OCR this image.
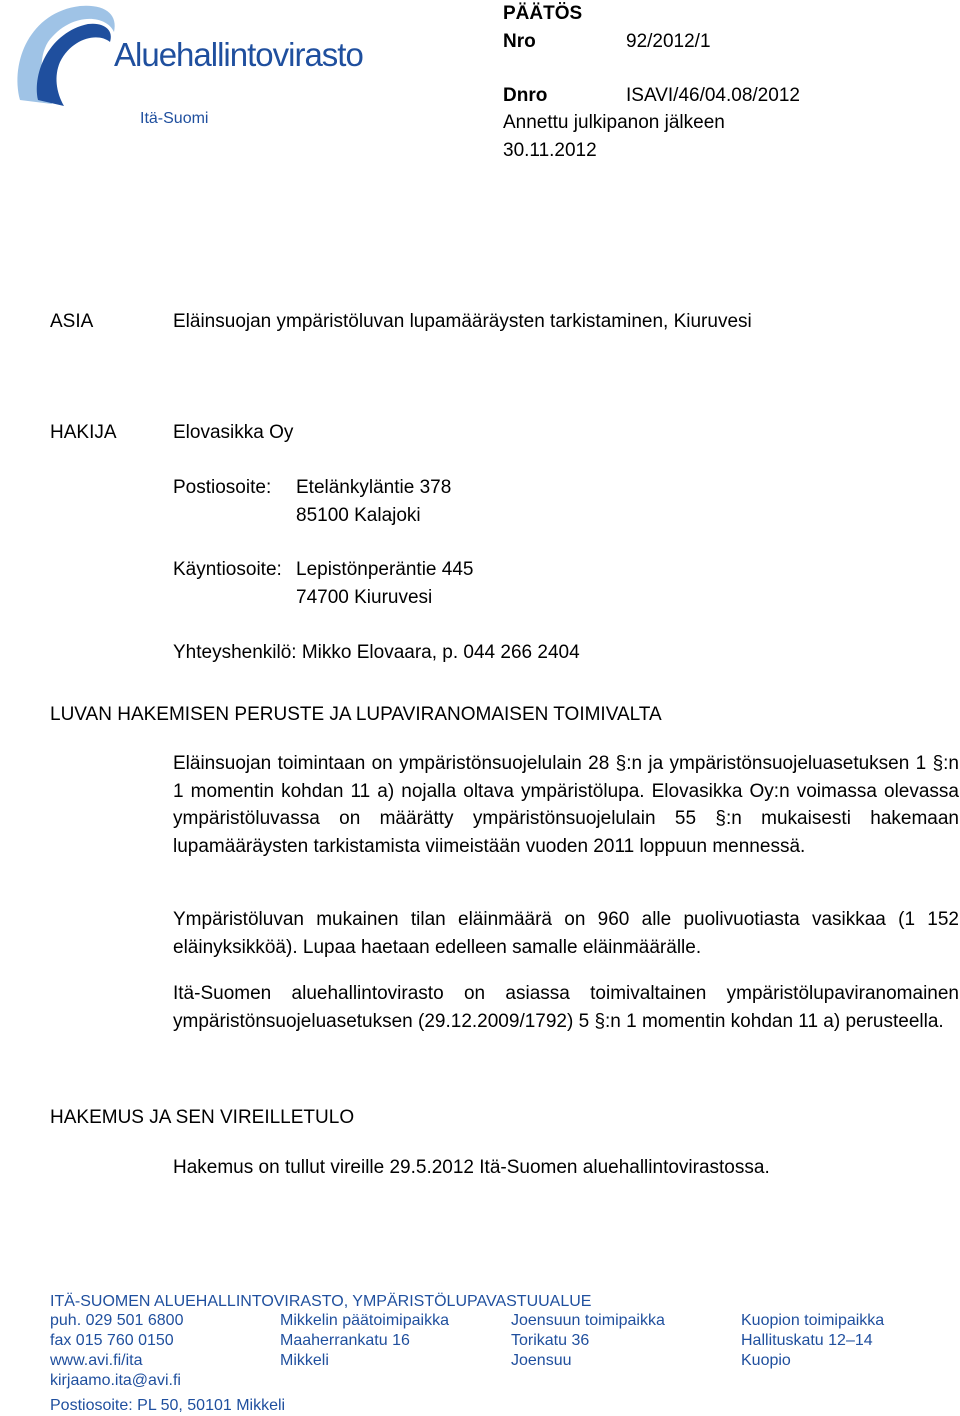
Aluehallintovirasto
Itä-Suomi
PÄÄTÖS
Nro	92/2012/1
Dnro	ISAVI/46/04.08/2012
Annettu julkipanon jälkeen
30.11.2012
ASIA	Eläinsuojan ympäristöluvan lupamääräysten tarkistaminen, Kiuruvesi
HAKIJA	Elovasikka Oy
Postiosoite: Etelänkyläntie 378
85100 Kalajoki
Käyntiosoite: Lepistönperäntie 445
74700 Kiuruvesi
Yhteyshenkilö: Mikko Elovaara, p. 044 266 2404
LUVAN HAKEMISEN PERUSTE JA LUPAVIRANOMAISEN TOIMIVALTA
Eläinsuojan toimintaan on ympäristönsuojelulain 28 §:n ja ympäristönsuojeluasetuksen 1 §:n 1 momentin kohdan 11 a) nojalla oltava ympäristölupa. Elovasikka Oy:n voimassa olevassa ympäristöluvassa on määrätty ympäristönsuojelulain 55 §:n mukaisesti hakemaan lupamääräysten tarkistamista viimeistään vuoden 2011 loppuun mennessä.
Ympäristöluvan mukainen tilan eläinmäärä on 960 alle puolivuotiasta vasikkaa (1 152 eläinyksikköä). Lupaa haetaan edelleen samalle eläinmäärälle.
Itä-Suomen aluehallintovirasto on asiassa toimivaltainen ympäristölupaviranomainen ympäristönsuojeluasetuksen (29.12.2009/1792) 5 §:n 1 momentin kohdan 11 a) perusteella.
HAKEMUS JA SEN VIREILLETULO
Hakemus on tullut vireille 29.5.2012 Itä-Suomen aluehallintovirastossa.
ITÄ-SUOMEN ALUEHALLINTOVIRASTO, YMPÄRISTÖLUPAVASTUUALUE
puh. 029 501 6800
fax 015 760 0150
www.avi.fi/ita
kirjaamo.ita@avi.fi
Mikkelin päätoimipaikka
Maaherrankatu 16
Mikkeli
Joensuun toimipaikka
Torikatu 36
Joensuu
Kuopion toimipaikka
Hallituskatu 12–14
Kuopio
Postiosoite: PL 50, 50101 Mikkeli
